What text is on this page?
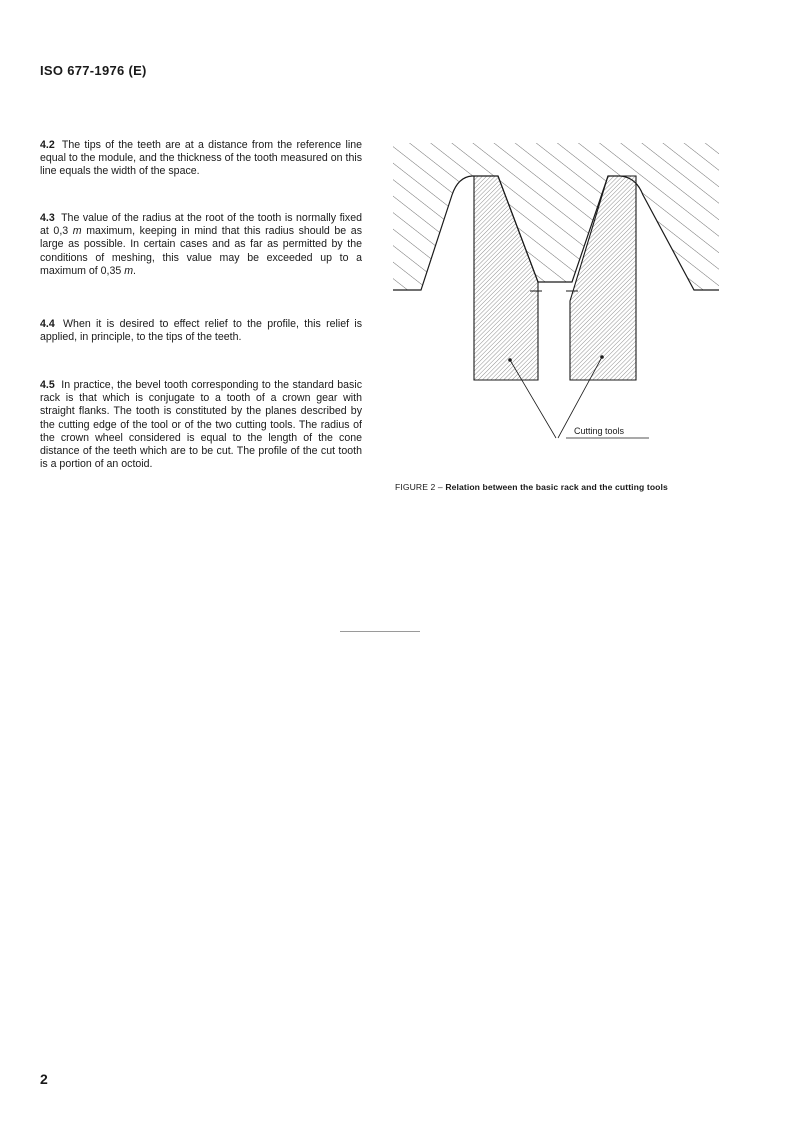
ISO 677-1976 (E)
4.2 The tips of the teeth are at a distance from the reference line equal to the module, and the thickness of the tooth measured on this line equals the width of the space.
4.3 The value of the radius at the root of the tooth is normally fixed at 0,3 m maximum, keeping in mind that this radius should be as large as possible. In certain cases and as far as permitted by the conditions of meshing, this value may be exceeded up to a maximum of 0,35 m.
4.4 When it is desired to effect relief to the profile, this relief is applied, in principle, to the tips of the teeth.
4.5 In practice, the bevel tooth corresponding to the standard basic rack is that which is conjugate to a tooth of a crown gear with straight flanks. The tooth is constituted by the planes described by the cutting edge of the tool or of the two cutting tools. The radius of the crown wheel considered is equal to the length of the cone distance of the teeth which are to be cut. The profile of the cut tooth is a portion of an octoid.
Cutting tools
FIGURE 2 – Relation between the basic rack and the cutting tools
2
